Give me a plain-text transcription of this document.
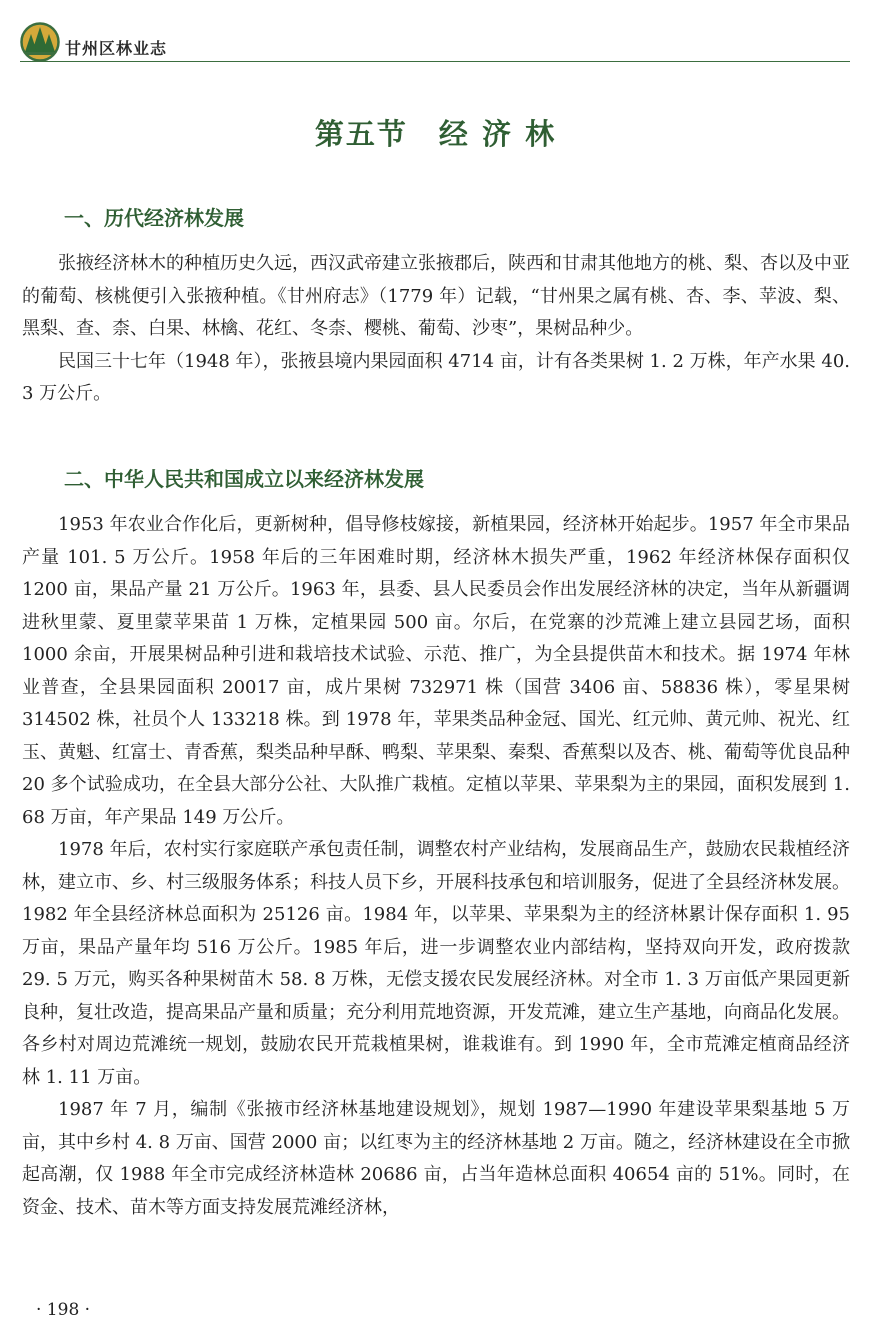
甘州区林业志
第五节　经 济 林
一、历代经济林发展

张掖经济林木的种植历史久远，西汉武帝建立张掖郡后，陕西和甘肃其他地方的桃、梨、杏以及中亚的葡萄、核桃便引入张掖种植。《甘州府志》（1779 年）记载，“甘州果之属有桃、杏、李、苹波、梨、黑梨、查、柰、白果、林檎、花红、冬柰、樱桃、葡萄、沙枣”，果树品种少。

民国三十七年（1948 年），张掖县境内果园面积 4714 亩，计有各类果树 1. 2 万株，年产水果 40. 3 万公斤。

二、中华人民共和国成立以来经济林发展

1953 年农业合作化后，更新树种，倡导修枝嫁接，新植果园，经济林开始起步。1957 年全市果品产量 101. 5 万公斤。1958 年后的三年困难时期，经济林木损失严重，1962 年经济林保存面积仅 1200 亩，果品产量 21 万公斤。1963 年，县委、县人民委员会作出发展经济林的决定，当年从新疆调进秋里蒙、夏里蒙苹果苗 1 万株，定植果园 500 亩。尔后，在党寨的沙荒滩上建立县园艺场，面积 1000 余亩，开展果树品种引进和栽培技术试验、示范、推广，为全县提供苗木和技术。据 1974 年林业普查，全县果园面积 20017 亩，成片果树 732971 株（国营 3406 亩、58836 株），零星果树 314502 株，社员个人 133218 株。到 1978 年，苹果类品种金冠、国光、红元帅、黄元帅、祝光、红玉、黄魁、红富士、青香蕉，梨类品种早酥、鸭梨、苹果梨、秦梨、香蕉梨以及杏、桃、葡萄等优良品种 20 多个试验成功，在全县大部分公社、大队推广栽植。定植以苹果、苹果梨为主的果园，面积发展到 1. 68 万亩，年产果品 149 万公斤。

1978 年后，农村实行家庭联产承包责任制，调整农村产业结构，发展商品生产，鼓励农民栽植经济林，建立市、乡、村三级服务体系；科技人员下乡，开展科技承包和培训服务，促进了全县经济林发展。1982 年全县经济林总面积为 25126 亩。1984 年，以苹果、苹果梨为主的经济林累计保存面积 1. 95 万亩，果品产量年均 516 万公斤。1985 年后，进一步调整农业内部结构，坚持双向开发，政府拨款 29. 5 万元，购买各种果树苗木 58. 8 万株，无偿支援农民发展经济林。对全市 1. 3 万亩低产果园更新良种，复壮改造，提高果品产量和质量；充分利用荒地资源，开发荒滩，建立生产基地，向商品化发展。各乡村对周边荒滩统一规划，鼓励农民开荒栽植果树，谁栽谁有。到 1990 年，全市荒滩定植商品经济林 1. 11 万亩。

1987 年 7 月，编制《张掖市经济林基地建设规划》，规划 1987—1990 年建设苹果梨基地 5 万亩，其中乡村 4. 8 万亩、国营 2000 亩；以红枣为主的经济林基地 2 万亩。随之，经济林建设在全市掀起高潮，仅 1988 年全市完成经济林造林 20686 亩，占当年造林总面积 40654 亩的 51%。同时，在资金、技术、苗木等方面支持发展荒滩经济林，

· 198 ·
